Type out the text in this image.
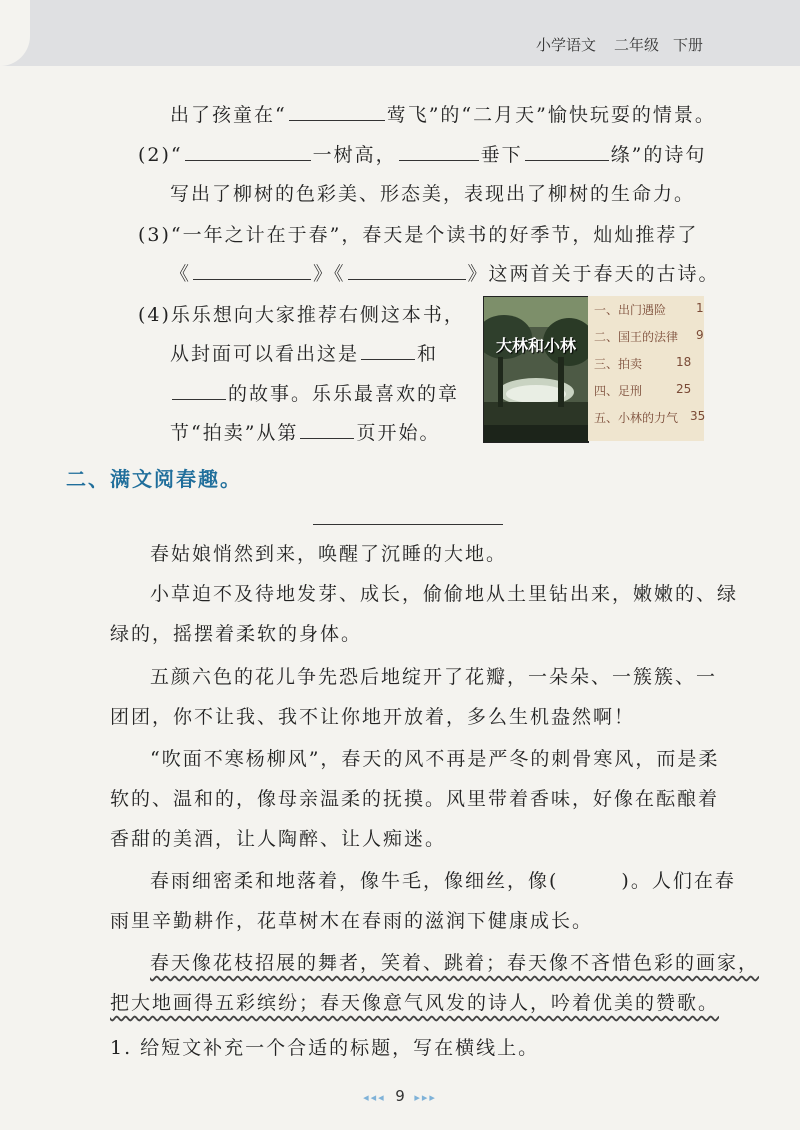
小学语文 二年级 下册
出了孩童在“	莺飞”的“二月天”愉快玩耍的情景。
(2)“	一树高，	垂下	绦”的诗句
写出了柳树的色彩美、形态美，表现出了柳树的生命力。
(3)“一年之计在于春”，春天是个读书的好季节，灿灿推荐了
《	》《	》这两首关于春天的古诗。
(4)乐乐想向大家推荐右侧这本书，
从封面可以看出这是	和
的故事。乐乐最喜欢的章
节“拍卖”从第	页开始。
大林和小林
一、出门遇险 1
二、国王的法律 9
三、拍卖	18
四、足刑	25
五、小林的力气 35
二、满文阅春趣。
春姑娘悄然到来，唤醒了沉睡的大地。
小草迫不及待地发芽、成长，偷偷地从土里钻出来，嫩嫩的、绿
绿的，摇摆着柔软的身体。
五颜六色的花儿争先恐后地绽开了花瓣，一朵朵、一簇簇、一
团团，你不让我、我不让你地开放着，多么生机盎然啊！
“吹面不寒杨柳风”，春天的风不再是严冬的刺骨寒风，而是柔
软的、温和的，像母亲温柔的抚摸。风里带着香味，好像在酝酿着
香甜的美酒，让人陶醉、让人痴迷。
春雨细密柔和地落着，像牛毛，像细丝，像(　　　)。人们在春
雨里辛勤耕作，花草树木在春雨的滋润下健康成长。
春天像花枝招展的舞者，笑着、跳着；春天像不吝惜色彩的画家，
把大地画得五彩缤纷；春天像意气风发的诗人，吟着优美的赞歌。
1. 给短文补充一个合适的标题，写在横线上。
◂◂◂ 9 ▸▸▸
